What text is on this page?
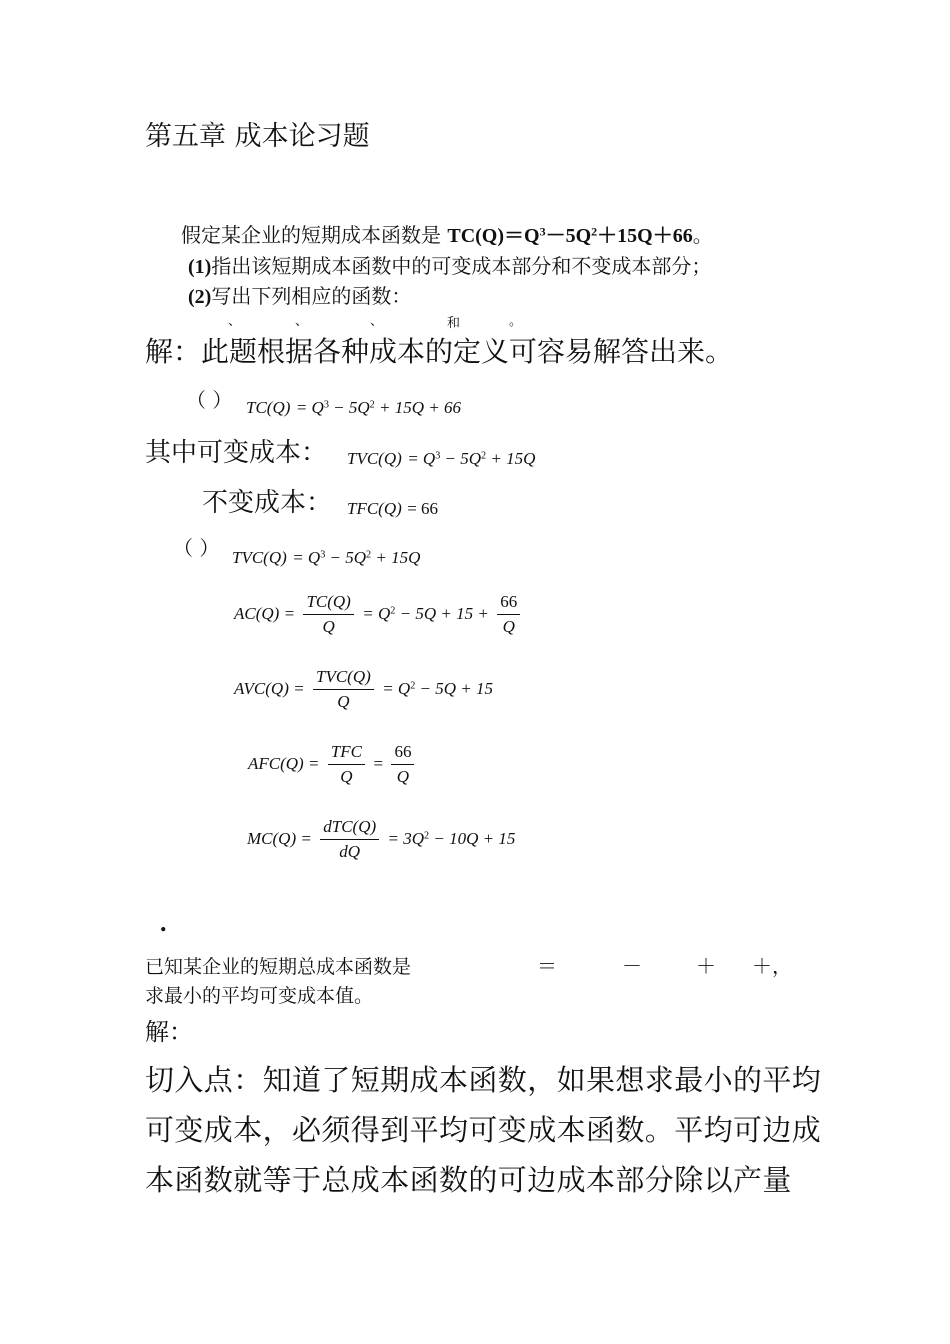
第五章 成本论习题
假定某企业的短期成本函数是 $TC(Q)=Q^3-5Q^2+15Q+66$。
(1)指出该短期成本函数中的可变成本部分和不变成本部分；
(2)写出下列相应的函数：
、	、	、	和	。
解：此题根据各种成本的定义可容易解答出来。
（ ） $TC(Q) = Q^3 - 5Q^2 + 15Q + 66$
其中可变成本： $TVC(Q) = Q^3 - 5Q^2 + 15Q$
不变成本： TFC(Q) = 66
（ ） $TVC(Q) = Q^3 - 5Q^2 + 15Q$
$AC(Q) = \frac{TC(Q)}{Q} = Q^2 - 5Q + 15 + \frac{66}{Q}$
$AVC(Q) = \frac{\text{TVC(Q)}}{Q} = Q^2 - 5Q + 15$
$AFC(Q) = \frac{\text{TFC}}{Q} = \frac{66}{Q}$
$MC(Q) = \frac{\text{dTC(Q)}}{dQ} = 3Q^2 - 10Q + 15$
.
已知某企业的短期总成本函数是	＝	－	＋ ＋，
求最小的平均可变成本值。
解：
切入点：知道了短期成本函数，如果想求最小的平均
可变成本，必须得到平均可变成本函数。平均可边成
本函数就等于总成本函数的可边成本部分除以产量
